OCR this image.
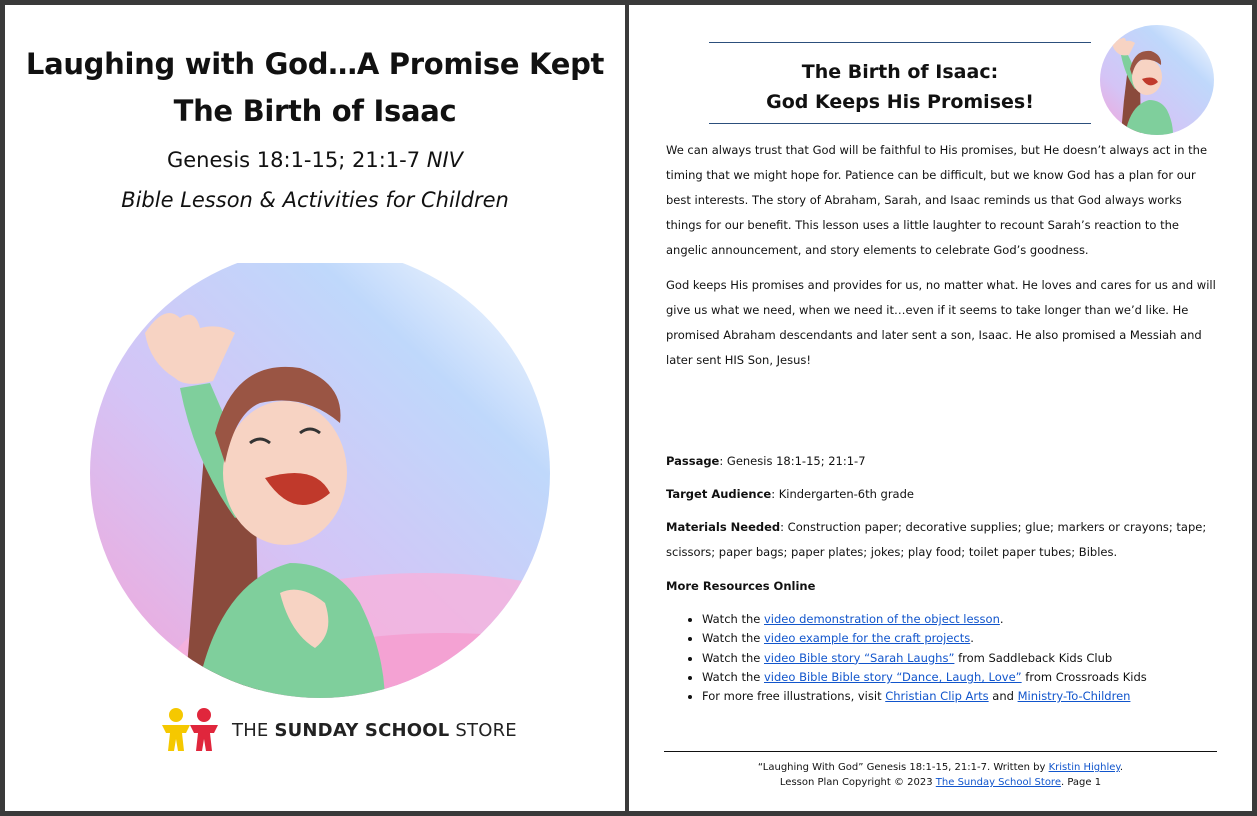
Laughing with God…A Promise Kept
The Birth of Isaac
Genesis 18:1-15; 21:1-7 NIV
Bible Lesson & Activities for Children
THE SUNDAY SCHOOL STORE
The Birth of Isaac:
God Keeps His Promises!
We can always trust that God will be faithful to His promises, but He doesn’t always act in the timing that we might hope for. Patience can be difficult, but we know God has a plan for our best interests. The story of Abraham, Sarah, and Isaac reminds us that God always works things for our benefit. This lesson uses a little laughter to recount Sarah’s reaction to the angelic announcement, and story elements to celebrate God’s goodness.
God keeps His promises and provides for us, no matter what. He loves and cares for us and will give us what we need, when we need it…even if it seems to take longer than we’d like. He promised Abraham descendants and later sent a son, Isaac. He also promised a Messiah and later sent HIS Son, Jesus!
Passage: Genesis 18:1-15; 21:1-7
Target Audience: Kindergarten-6th grade
Materials Needed: Construction paper; decorative supplies; glue; markers or crayons; tape; scissors; paper bags; paper plates; jokes; play food; toilet paper tubes; Bibles.
More Resources Online
• Watch the video demonstration of the object lesson.
• Watch the video example for the craft projects.
• Watch the video Bible story “Sarah Laughs” from Saddleback Kids Club
• Watch the video Bible Bible story “Dance, Laugh, Love” from Crossroads Kids
• For more free illustrations, visit Christian Clip Arts and Ministry-To-Children
“Laughing With God” Genesis 18:1-15, 21:1-7. Written by Kristin Highley.
Lesson Plan Copyright © 2023 The Sunday School Store. Page 1
